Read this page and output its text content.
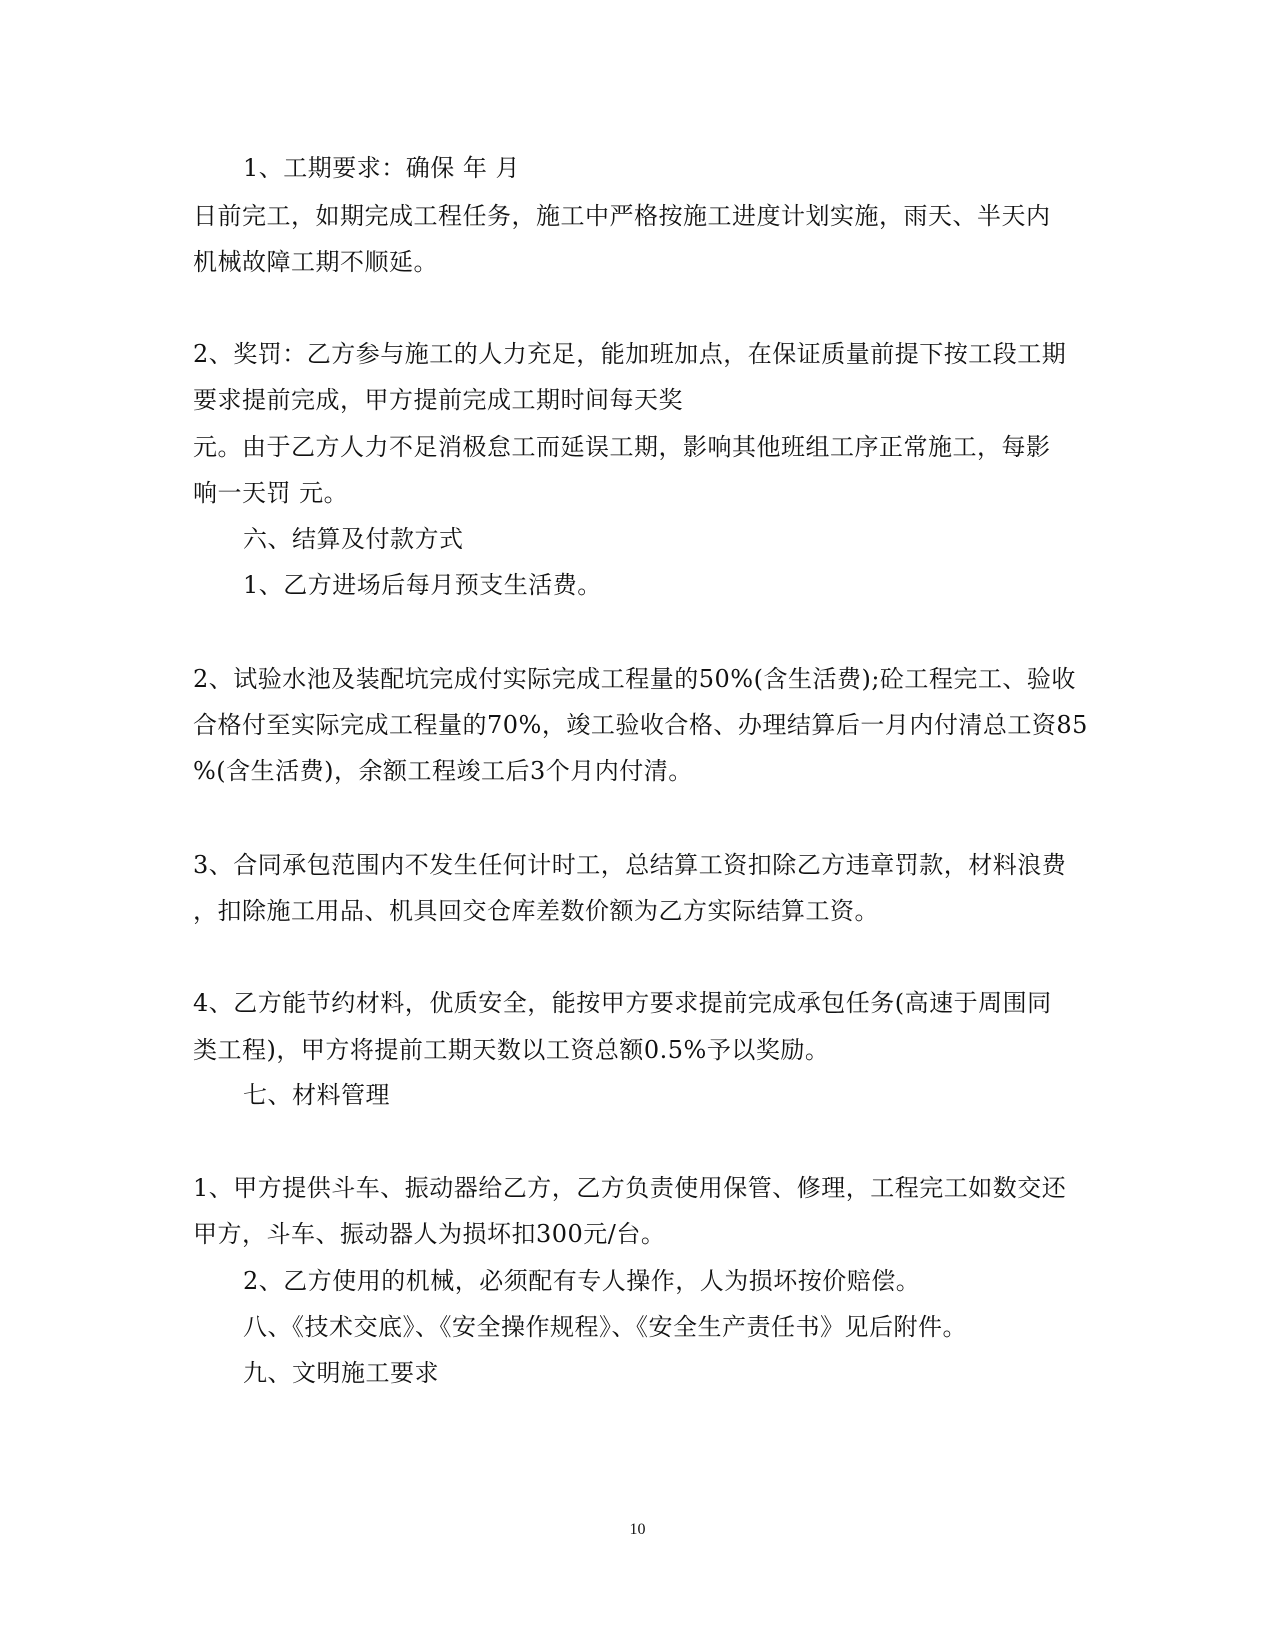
1、工期要求：确保 年 月
日前完工，如期完成工程任务，施工中严格按施工进度计划实施，雨天、半天内
机械故障工期不顺延。
2、奖罚：乙方参与施工的人力充足，能加班加点，在保证质量前提下按工段工期
要求提前完成，甲方提前完成工期时间每天奖
元。由于乙方人力不足消极怠工而延误工期，影响其他班组工序正常施工，每影
响一天罚 元。
六、结算及付款方式
1、乙方进场后每月预支生活费。
2、试验水池及装配坑完成付实际完成工程量的50%(含生活费);砼工程完工、验收
合格付至实际完成工程量的70%，竣工验收合格、办理结算后一月内付清总工资85
%(含生活费)，余额工程竣工后3个月内付清。
3、合同承包范围内不发生任何计时工，总结算工资扣除乙方违章罚款，材料浪费
，扣除施工用品、机具回交仓库差数价额为乙方实际结算工资。
4、乙方能节约材料，优质安全，能按甲方要求提前完成承包任务(高速于周围同
类工程)，甲方将提前工期天数以工资总额0.5%予以奖励。
七、材料管理
1、甲方提供斗车、振动器给乙方，乙方负责使用保管、修理，工程完工如数交还
甲方，斗车、振动器人为损坏扣300元/台。
2、乙方使用的机械，必须配有专人操作，人为损坏按价赔偿。
八、《技术交底》、《安全操作规程》、《安全生产责任书》见后附件。
九、文明施工要求
10
